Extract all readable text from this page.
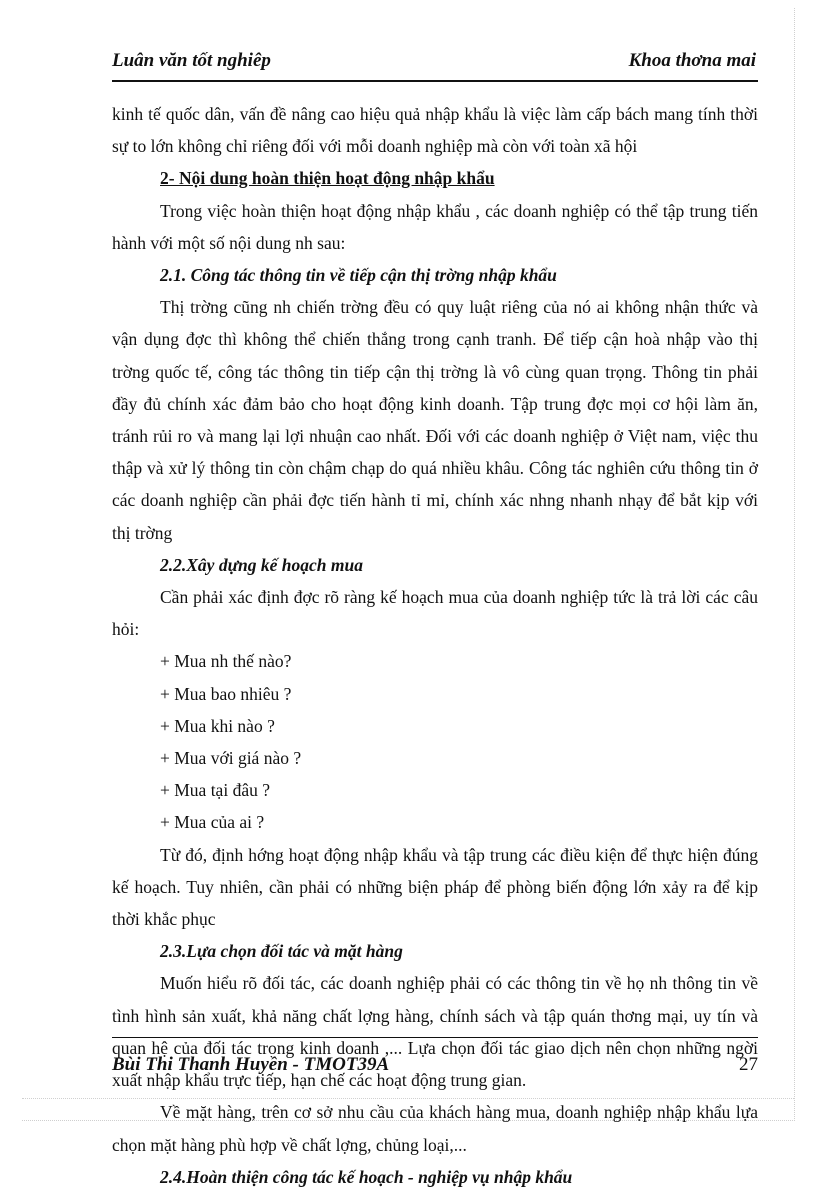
Luân văn tốt nghiêp	Khoa thơna mai

kinh tế quốc dân, vấn đề nâng cao hiệu quả nhập khẩu là việc làm cấp bách mang tính thời sự to lớn không chỉ riêng đối với mỗi doanh nghiệp mà còn với toàn xã hội

2- Nội dung hoàn thiện hoạt động nhập khẩu

Trong việc hoàn thiện hoạt động nhập khẩu , các doanh nghiệp có thể tập trung tiến hành với một số nội dung nh sau:

2.1. Công tác thông tin về tiếp cận thị trờng nhập khẩu

Thị trờng cũng nh chiến trờng đều có quy luật riêng của nó ai không nhận thức và vận dụng đợc thì không thể chiến thắng trong cạnh tranh. Để tiếp cận hoà nhập vào thị trờng quốc tế, công tác thông tin tiếp cận thị trờng là vô cùng quan trọng. Thông tin phải đầy đủ chính xác đảm bảo cho hoạt động kinh doanh. Tập trung đợc mọi cơ hội làm ăn, tránh rủi ro và mang lại lợi nhuận cao nhất. Đối với các doanh nghiệp ở Việt nam, việc thu thập và xử lý thông tin còn chậm chạp do quá nhiều khâu. Công tác nghiên cứu thông tin ở các doanh nghiệp cần phải đợc tiến hành tỉ mỉ, chính xác nhng nhanh nhạy để bắt kịp với thị trờng

2.2.Xây dựng kế hoạch mua

Cần phải xác định đợc rõ ràng kế hoạch mua của doanh nghiệp tức là trả lời các câu hỏi:

+ Mua nh thế nào?

+ Mua bao nhiêu ?

+ Mua khi nào ?

+ Mua với giá nào ?

+ Mua tại đâu ?

+ Mua của ai ?

Từ đó, định hớng hoạt động nhập khẩu và tập trung các điều kiện để thực hiện đúng kế hoạch. Tuy nhiên, cần phải có những biện pháp để phòng biến động lớn xảy ra để kịp thời khắc phục

2.3.Lựa chọn đối tác và mặt hàng

Muốn hiểu rõ đối tác, các doanh nghiệp phải có các thông tin về họ nh thông tin về tình hình sản xuất, khả năng chất lợng hàng, chính sách và tập quán thơng mại, uy tín và quan hệ của đối tác trong kinh doanh ,... Lựa chọn đối tác giao dịch nên chọn những ngời xuất nhập khẩu trực tiếp, hạn chế các hoạt động trung gian.

Về mặt hàng, trên cơ sở nhu cầu của khách hàng mua, doanh nghiệp nhập khẩu lựa chọn mặt hàng phù hợp về chất lợng, chủng loại,...

2.4.Hoàn thiện công tác kế hoạch - nghiệp vụ nhập khẩu

Bùi Thi Thanh Huyền - TMOT39A	27
